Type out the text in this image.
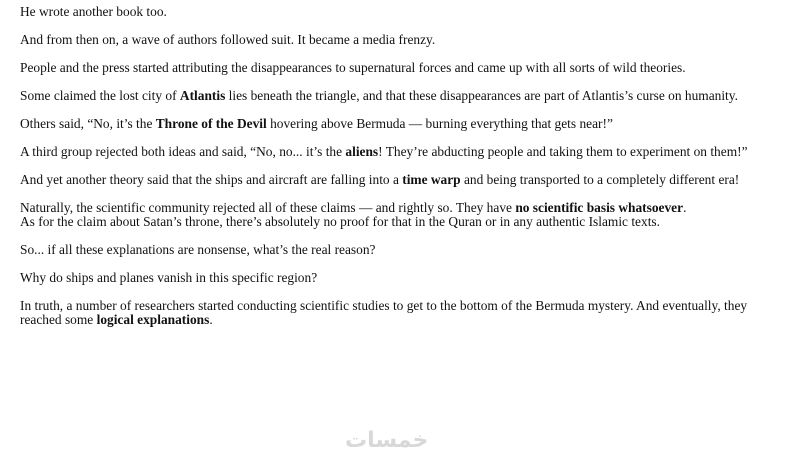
He wrote another book too.

And from then on, a wave of authors followed suit. It became a media frenzy.

People and the press started attributing the disappearances to supernatural forces and came up with all sorts of wild theories.

Some claimed the lost city of Atlantis lies beneath the triangle, and that these disappearances are part of Atlantis’s curse on humanity.

Others said, “No, it’s the Throne of the Devil hovering above Bermuda — burning everything that gets near!”

A third group rejected both ideas and said, “No, no... it’s the aliens! They’re abducting people and taking them to experiment on them!”

And yet another theory said that the ships and aircraft are falling into a time warp and being transported to a completely different era!

Naturally, the scientific community rejected all of these claims — and rightly so. They have no scientific basis whatsoever.

As for the claim about Satan’s throne, there’s absolutely no proof for that in the Quran or in any authentic Islamic texts.

So... if all these explanations are nonsense, what’s the real reason?

Why do ships and planes vanish in this specific region?

In truth, a number of researchers started conducting scientific studies to get to the bottom of the Bermuda mystery. And eventually, they reached some logical explanations.

خمسات
